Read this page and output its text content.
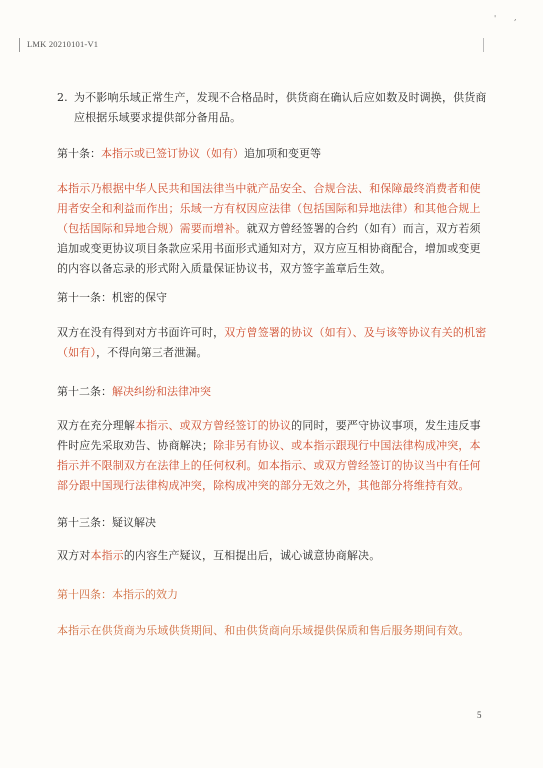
' ,
LMK 20210101-V1
2. 为不影响乐域正常生产，发现不合格品时，供货商在确认后应如数及时调换，供货商应根据乐域要求提供部分备用品。
第十条：本指示或已签订协议（如有）追加项和变更等
本指示乃根据中华人民共和国法律当中就产品安全、合规合法、和保障最终消费者和使用者安全和利益而作出；乐域一方有权因应法律（包括国际和异地法律）和其他合规上（包括国际和异地合规）需要而增补。就双方曾经签署的合约（如有）而言，双方若须追加或变更协议项目条款应采用书面形式通知对方，双方应互相协商配合，增加或变更的内容以备忘录的形式附入质量保证协议书，双方签字盖章后生效。
第十一条：机密的保守
双方在没有得到对方书面许可时，双方曾签署的协议（如有）、及与该等协议有关的机密（如有），不得向第三者泄漏。
第十二条：解决纠纷和法律冲突
双方在充分理解本指示、或双方曾经签订的协议的同时，要严守协议事项，发生违反事件时应先采取劝告、协商解决；除非另有协议、或本指示跟现行中国法律构成冲突，本指示并不限制双方在法律上的任何权利。如本指示、或双方曾经签订的协议当中有任何部分跟中国现行法律构成冲突，除构成冲突的部分无效之外，其他部分将维持有效。
第十三条：疑议解决
双方对本指示的内容生产疑议，互相提出后，诚心诚意协商解决。
第十四条：本指示的效力
本指示在供货商为乐域供货期间、和由供货商向乐域提供保质和售后服务期间有效。
5
